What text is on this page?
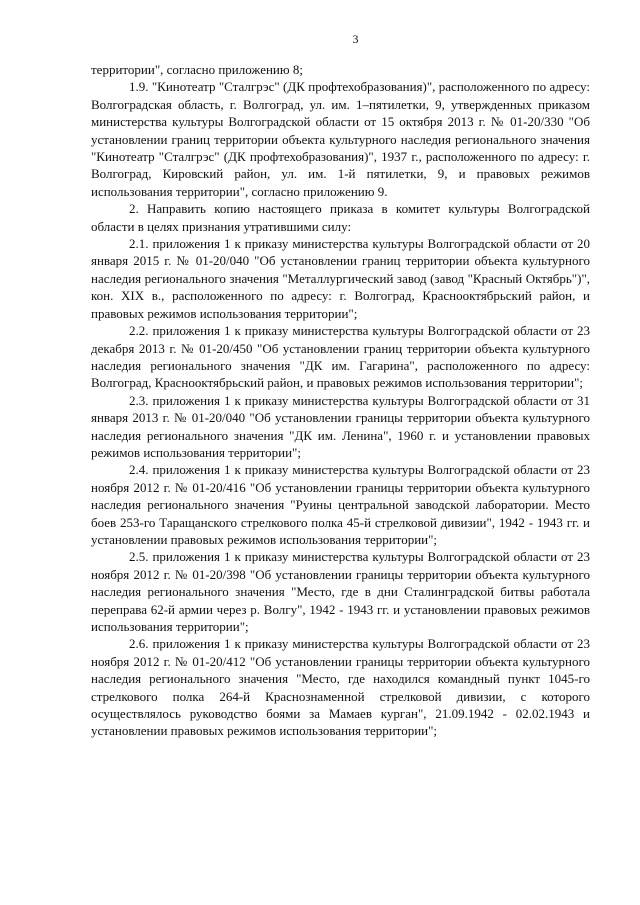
3

территории", согласно приложению 8;

1.9. "Кинотеатр "Сталгрэс" (ДК профтехобразования)", расположенного по адресу: Волгоградская область, г. Волгоград, ул. им. 1–пятилетки, 9, утвержденных приказом министерства культуры Волгоградской области от 15 октября 2013 г. № 01-20/330 "Об установлении границ территории объекта культурного наследия регионального значения "Кинотеатр "Сталгрэс" (ДК профтехобразования)", 1937 г., расположенного по адресу: г. Волгоград, Кировский район, ул. им. 1-й пятилетки, 9, и правовых режимов использования территории", согласно приложению 9.

2. Направить копию настоящего приказа в комитет культуры Волгоградской области в целях признания утратившими силу:

2.1. приложения 1 к приказу министерства культуры Волгоградской области от 20 января 2015 г. № 01-20/040 "Об установлении границ территории объекта культурного наследия регионального значения "Металлургический завод (завод "Красный Октябрь")", кон. XIX в., расположенного по адресу: г. Волгоград, Краснооктябрьский район, и правовых режимов использования территории";

2.2. приложения 1 к приказу министерства культуры Волгоградской области от 23 декабря 2013 г. № 01-20/450 "Об установлении границ территории объекта культурного наследия регионального значения "ДК им. Гагарина", расположенного по адресу: Волгоград, Краснооктябрьский район, и правовых режимов использования территории";

2.3. приложения 1 к приказу министерства культуры Волгоградской области от 31 января 2013 г. № 01-20/040 "Об установлении границы территории объекта культурного наследия регионального значения "ДК им. Ленина", 1960 г. и установлении правовых режимов использования территории";

2.4. приложения 1 к приказу министерства культуры Волгоградской области от 23 ноября 2012 г. № 01-20/416 "Об установлении границы территории объекта культурного наследия регионального значения "Руины центральной заводской лаборатории. Место боев 253-го Таращанского стрелкового полка 45-й стрелковой дивизии", 1942 - 1943 гг. и установлении правовых режимов использования территории";

2.5. приложения 1 к приказу министерства культуры Волгоградской области от 23 ноября 2012 г. № 01-20/398 "Об установлении границы территории объекта культурного наследия регионального значения "Место, где в дни Сталинградской битвы работала переправа 62-й армии через р. Волгу", 1942 - 1943 гг. и установлении правовых режимов использования территории";

2.6. приложения 1 к приказу министерства культуры Волгоградской области от 23 ноября 2012 г. № 01-20/412 "Об установлении границы территории объекта культурного наследия регионального значения "Место, где находился командный пункт 1045-го стрелкового полка 264-й Краснознаменной стрелковой дивизии, с которого осуществлялось руководство боями за Мамаев курган", 21.09.1942 - 02.02.1943 и установлении правовых режимов использования территории";
